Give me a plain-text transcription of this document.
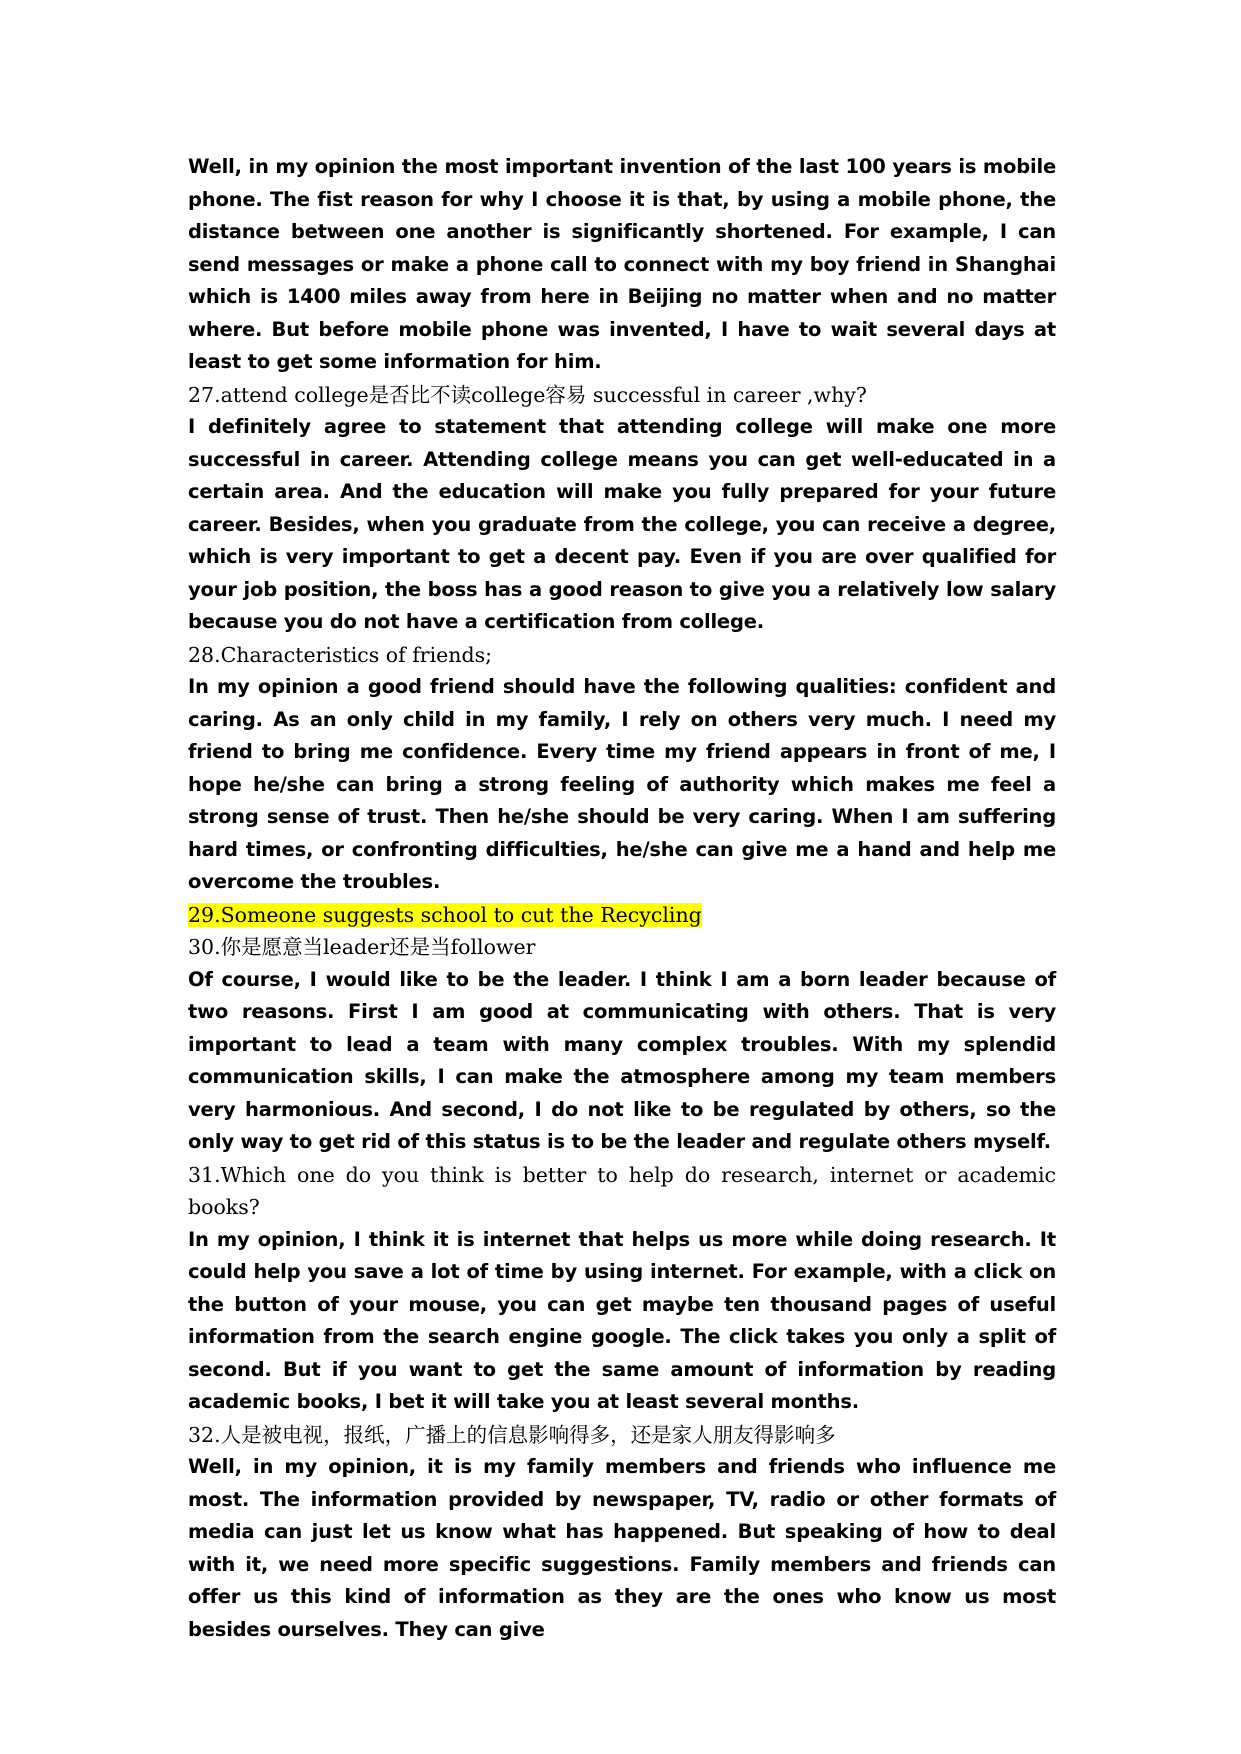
Well, in my opinion the most important invention of the last 100 years is mobile phone. The fist reason for why I choose it is that, by using a mobile phone, the distance between one another is significantly shortened. For example, I can send messages or make a phone call to connect with my boy friend in Shanghai which is 1400 miles away from here in Beijing no matter when and no matter where. But before mobile phone was invented, I have to wait several days at least to get some information for him.

27.attend college是否比不读college容易 successful in career ,why?

I definitely agree to statement that attending college will make one more successful in career. Attending college means you can get well-educated in a certain area. And the education will make you fully prepared for your future career. Besides, when you graduate from the college, you can receive a degree, which is very important to get a decent pay. Even if you are over qualified for your job position, the boss has a good reason to give you a relatively low salary because you do not have a certification from college.

28.Characteristics of friends;

In my opinion a good friend should have the following qualities: confident and caring. As an only child in my family, I rely on others very much. I need my friend to bring me confidence. Every time my friend appears in front of me, I hope he/she can bring a strong feeling of authority which makes me feel a strong sense of trust. Then he/she should be very caring. When I am suffering hard times, or confronting difficulties, he/she can give me a hand and help me overcome the troubles.

29.Someone suggests school to cut the Recycling

30.你是愿意当leader还是当follower

Of course, I would like to be the leader. I think I am a born leader because of two reasons. First I am good at communicating with others. That is very important to lead a team with many complex troubles. With my splendid communication skills, I can make the atmosphere among my team members very harmonious. And second, I do not like to be regulated by others, so the only way to get rid of this status is to be the leader and regulate others myself.

31.Which one do you think is better to help do research, internet or academic books?

In my opinion, I think it is internet that helps us more while doing research. It could help you save a lot of time by using internet. For example, with a click on the button of your mouse, you can get maybe ten thousand pages of useful information from the search engine google. The click takes you only a split of second. But if you want to get the same amount of information by reading academic books, I bet it will take you at least several months.

32.人是被电视，报纸，广播上的信息影响得多，还是家人朋友得影响多

Well, in my opinion, it is my family members and friends who influence me most. The information provided by newspaper, TV, radio or other formats of media can just let us know what has happened. But speaking of how to deal with it, we need more specific suggestions. Family members and friends can offer us this kind of information as they are the ones who know us most besides ourselves. They can give
